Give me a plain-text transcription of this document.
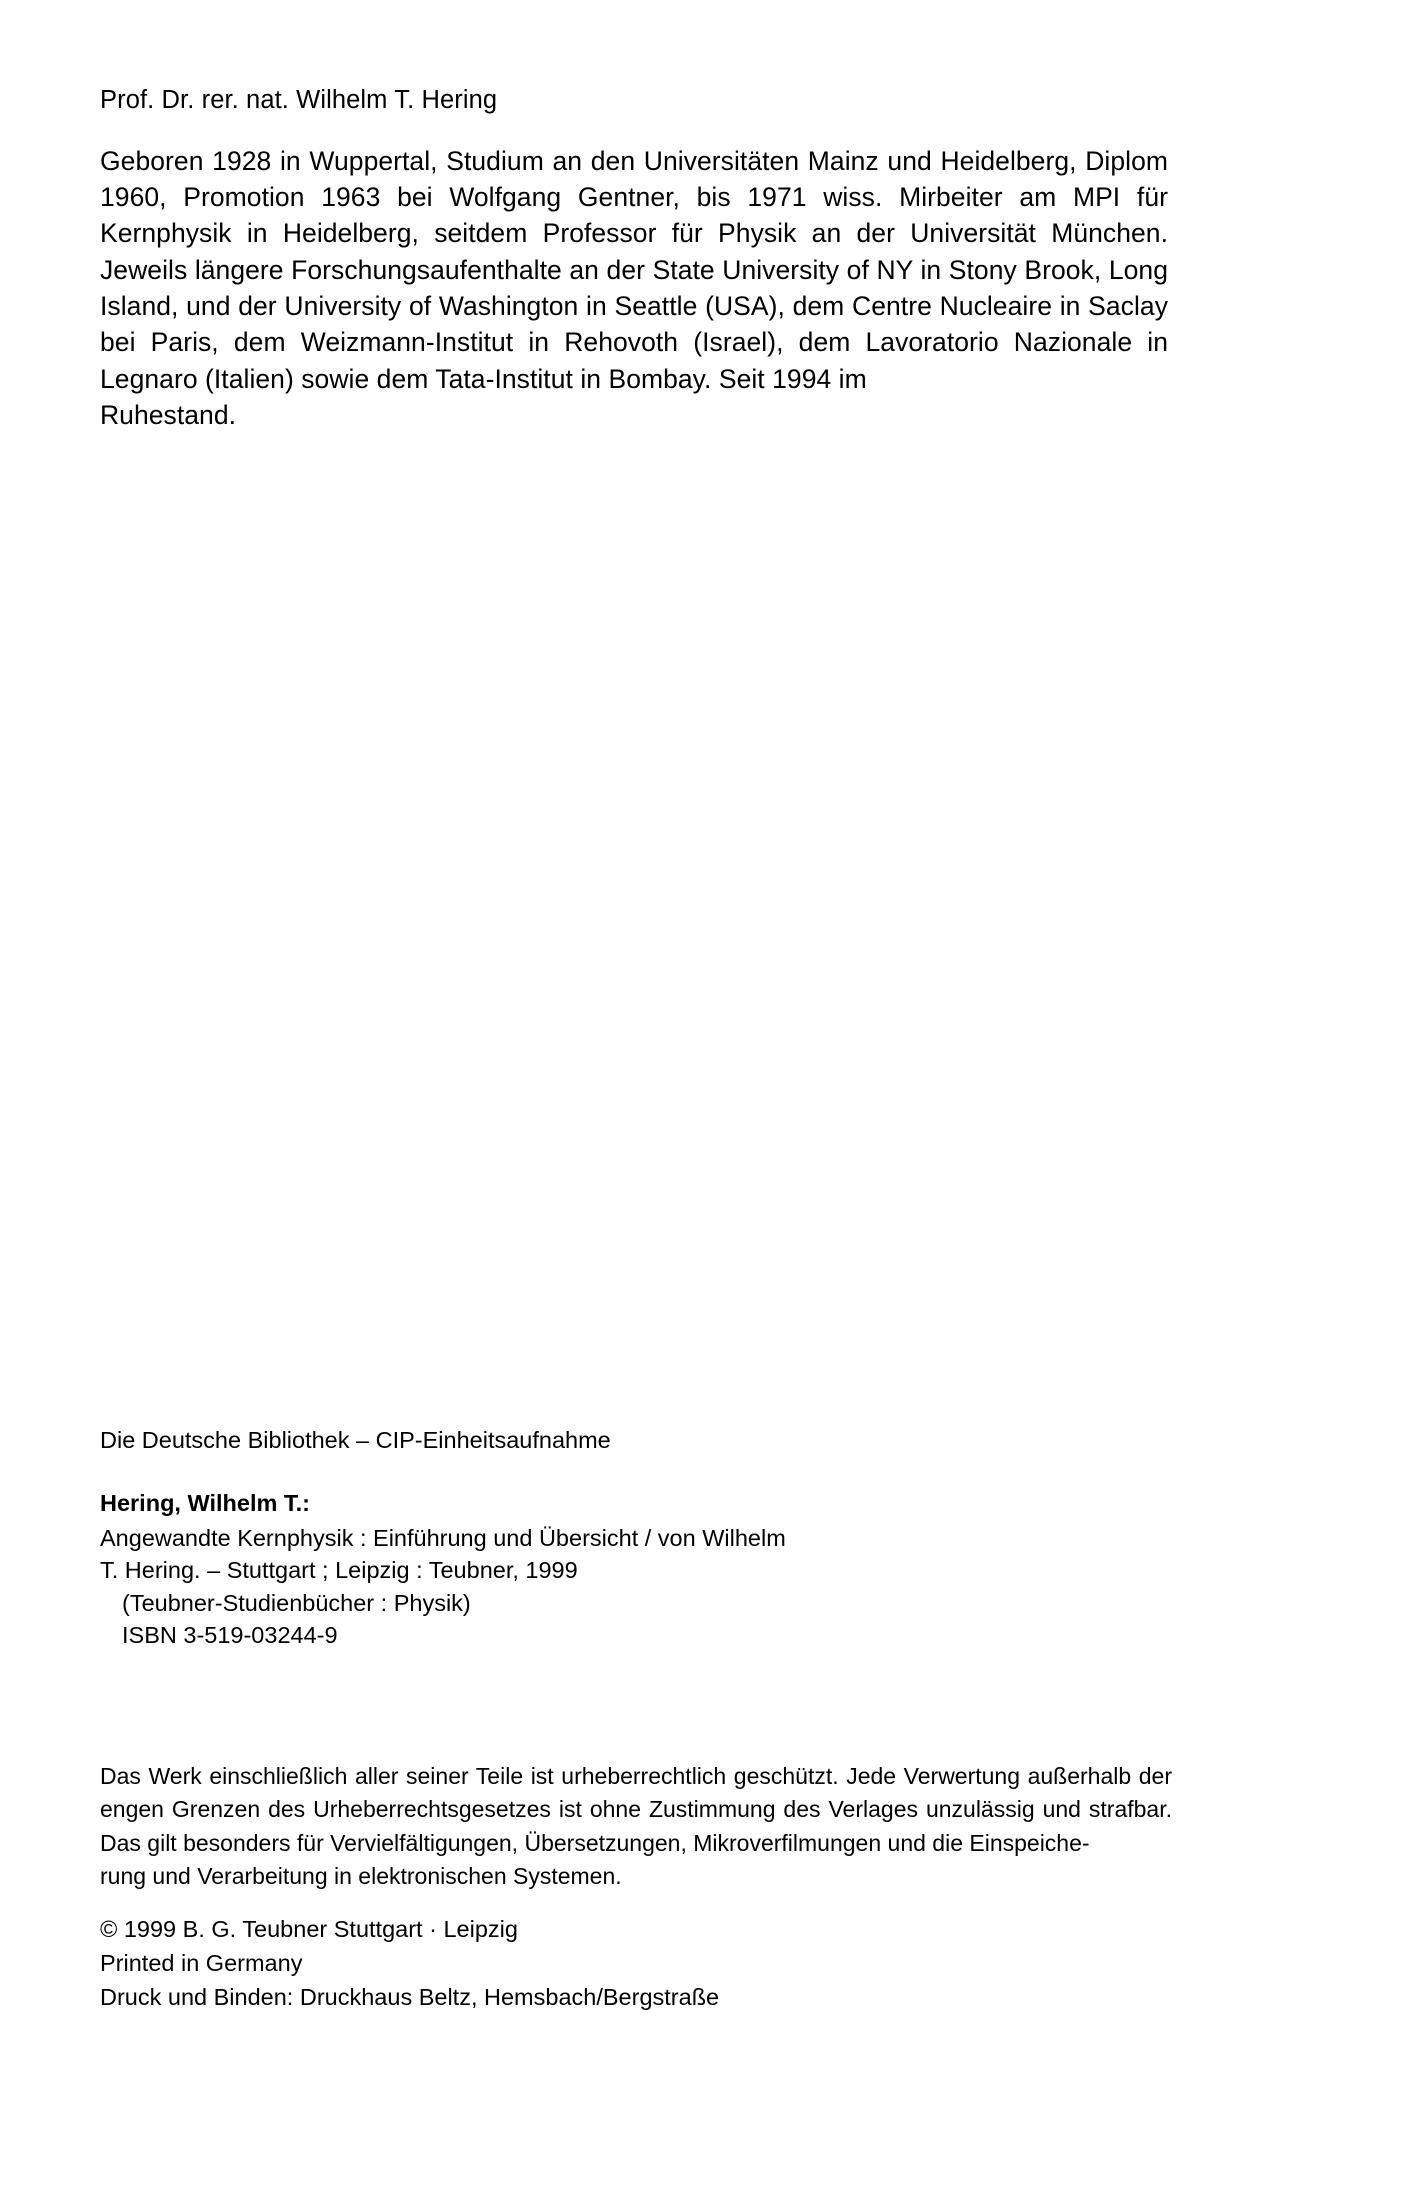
Prof. Dr. rer. nat. Wilhelm T. Hering

Geboren 1928 in Wuppertal, Studium an den Universitäten Mainz und Heidelberg, Diplom 1960, Promotion 1963 bei Wolfgang Gentner, bis 1971 wiss. Mirbeiter am MPI für Kernphysik in Heidelberg, seitdem Professor für Physik an der Universität München. Jeweils längere Forschungsaufenthalte an der State University of NY in Stony Brook, Long Island, und der University of Washington in Seattle (USA), dem Centre Nucleaire in Saclay bei Paris, dem Weizmann-Institut in Rehovoth (Israel), dem Lavoratorio Nazionale in Legnaro (Italien) sowie dem Tata-Institut in Bombay. Seit 1994 im
Ruhestand.

Die Deutsche Bibliothek – CIP-Einheitsaufnahme

Hering, Wilhelm T.:

Angewandte Kernphysik : Einführung und Übersicht / von Wilhelm

T. Hering. – Stuttgart ; Leipzig : Teubner, 1999

(Teubner-Studienbücher : Physik)

ISBN 3-519-03244-9

Das Werk einschließlich aller seiner Teile ist urheberrechtlich geschützt. Jede Verwertung außerhalb der engen Grenzen des Urheberrechtsgesetzes ist ohne Zustimmung des Verlages unzulässig und strafbar. Das gilt besonders für Vervielfältigungen, Übersetzungen, Mikroverfilmungen und die Einspeiche-
rung und Verarbeitung in elektronischen Systemen.

© 1999 B. G. Teubner Stuttgart · Leipzig

Printed in Germany

Druck und Binden: Druckhaus Beltz, Hemsbach/Bergstraße
